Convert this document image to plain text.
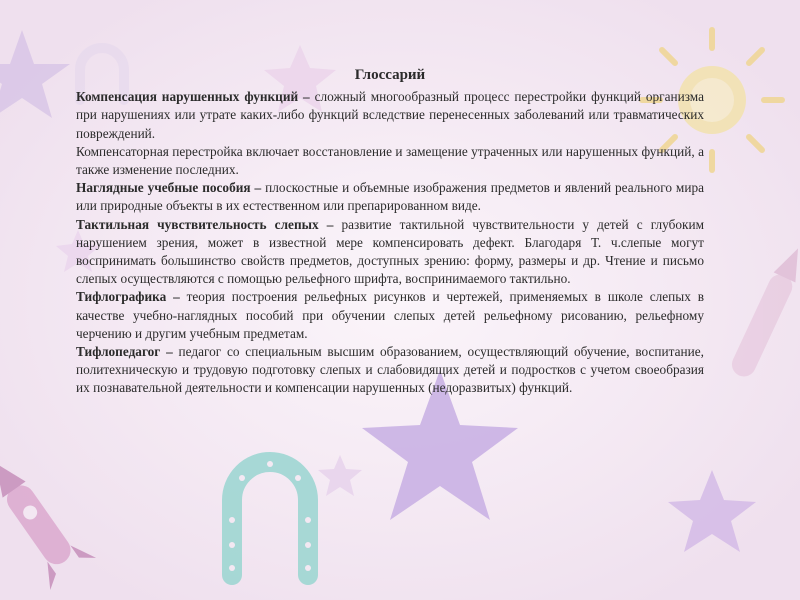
Глоссарий

Компенсация нарушенных функций – сложный многообразный процесс перестройки функций организма при нарушениях или утрате каких-либо функций вследствие перенесенных заболеваний или травматических повреждений.

Компенсаторная перестройка включает восстановление и замещение утраченных или нарушенных функций, а также изменение последних.

Наглядные учебные пособия – плоскостные и объемные изображения предметов и явлений реального мира или природные объекты в их естественном или препарированном виде.

Тактильная чувствительность слепых – развитие тактильной чувствительности у детей с глубоким нарушением зрения, может в известной мере компенсировать дефект. Благодаря Т. ч.слепые могут воспринимать большинство свойств предметов, доступных зрению: форму, размеры и др. Чтение и письмо слепых осуществляются с помощью рельефного шрифта, воспринимаемого тактильно.

Тифлографика – теория построения рельефных рисунков и чертежей, применяемых в школе слепых в качестве учебно-наглядных пособий при обучении слепых детей рельефному рисованию, рельефному черчению и другим учебным предметам.

Тифлопедагог – педагог со специальным высшим образованием, осуществляющий обучение, воспитание, политехническую и трудовую подготовку слепых и слабовидящих детей и подростков с учетом своеобразия их познавательной деятельности и компенсации нарушенных (недоразвитых) функций.
